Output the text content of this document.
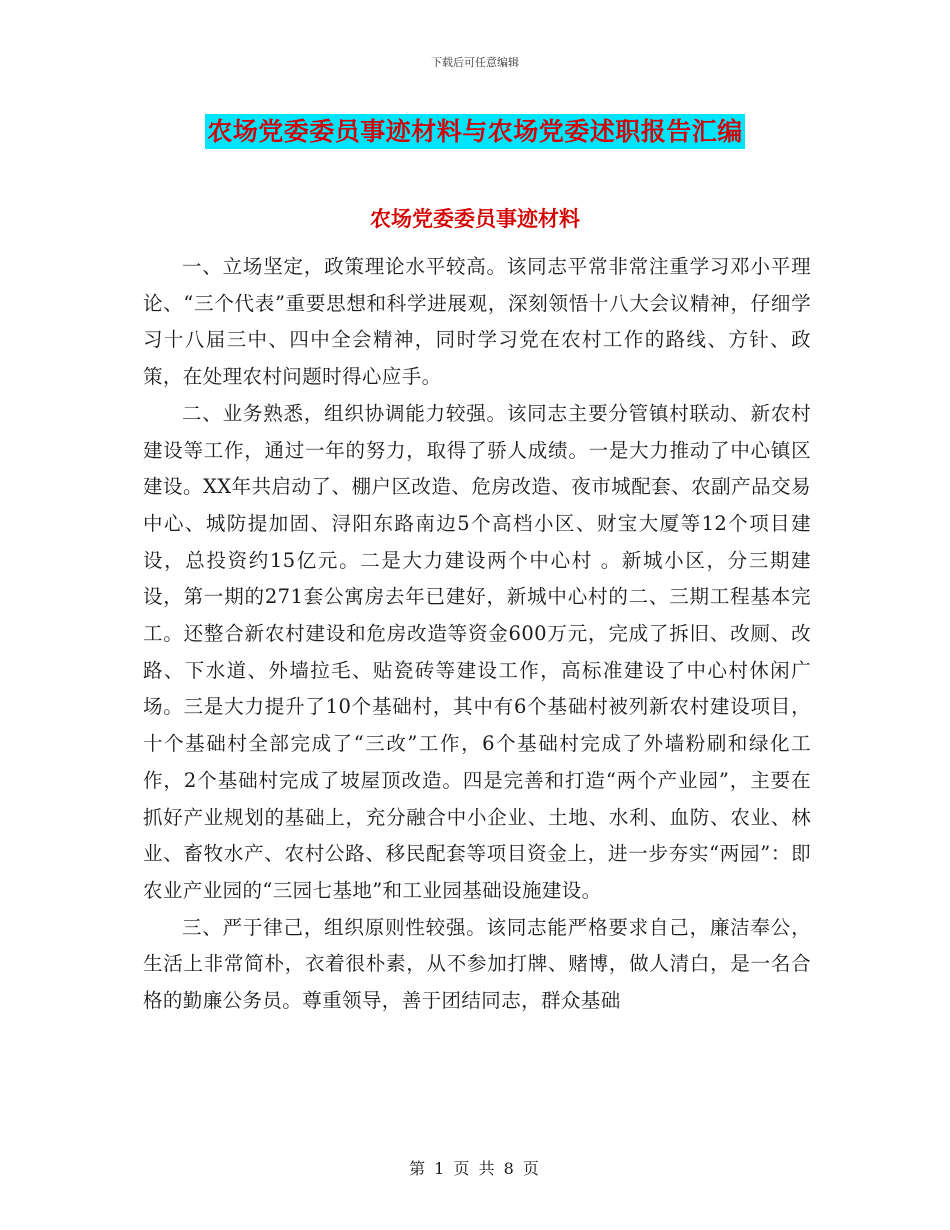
下载后可任意编辑
农场党委委员事迹材料与农场党委述职报告汇编
农场党委委员事迹材料

一、立场坚定，政策理论水平较高。该同志平常非常注重学习邓小平理论、“三个代表”重要思想和科学进展观，深刻领悟十八大会议精神，仔细学习十八届三中、四中全会精神，同时学习党在农村工作的路线、方针、政策，在处理农村问题时得心应手。

二、业务熟悉，组织协调能力较强。该同志主要分管镇村联动、新农村建设等工作，通过一年的努力，取得了骄人成绩。一是大力推动了中心镇区建设。XX年共启动了、棚户区改造、危房改造、夜市城配套、农副产品交易中心、城防提加固、浔阳东路南边5个高档小区、财宝大厦等12个项目建设，总投资约15亿元。二是大力建设两个中心村 。新城小区，分三期建设，第一期的271套公寓房去年已建好，新城中心村的二、三期工程基本完工。还整合新农村建设和危房改造等资金600万元，完成了拆旧、改厕、改路、下水道、外墙拉毛、贴瓷砖等建设工作，高标准建设了中心村休闲广场。三是大力提升了10个基础村，其中有6个基础村被列新农村建设项目，十个基础村全部完成了“三改”工作，6个基础村完成了外墙粉刷和绿化工作，2个基础村完成了坡屋顶改造。四是完善和打造“两个产业园”，主要在抓好产业规划的基础上，充分融合中小企业、土地、水利、血防、农业、林业、畜牧水产、农村公路、移民配套等项目资金上，进一步夯实“两园”：即农业产业园的“三园七基地”和工业园基础设施建设。

三、严于律己，组织原则性较强。该同志能严格要求自己，廉洁奉公，生活上非常简朴，衣着很朴素，从不参加打牌、赌博，做人清白，是一名合格的勤廉公务员。尊重领导，善于团结同志，群众基础

第 1 页 共 8 页
